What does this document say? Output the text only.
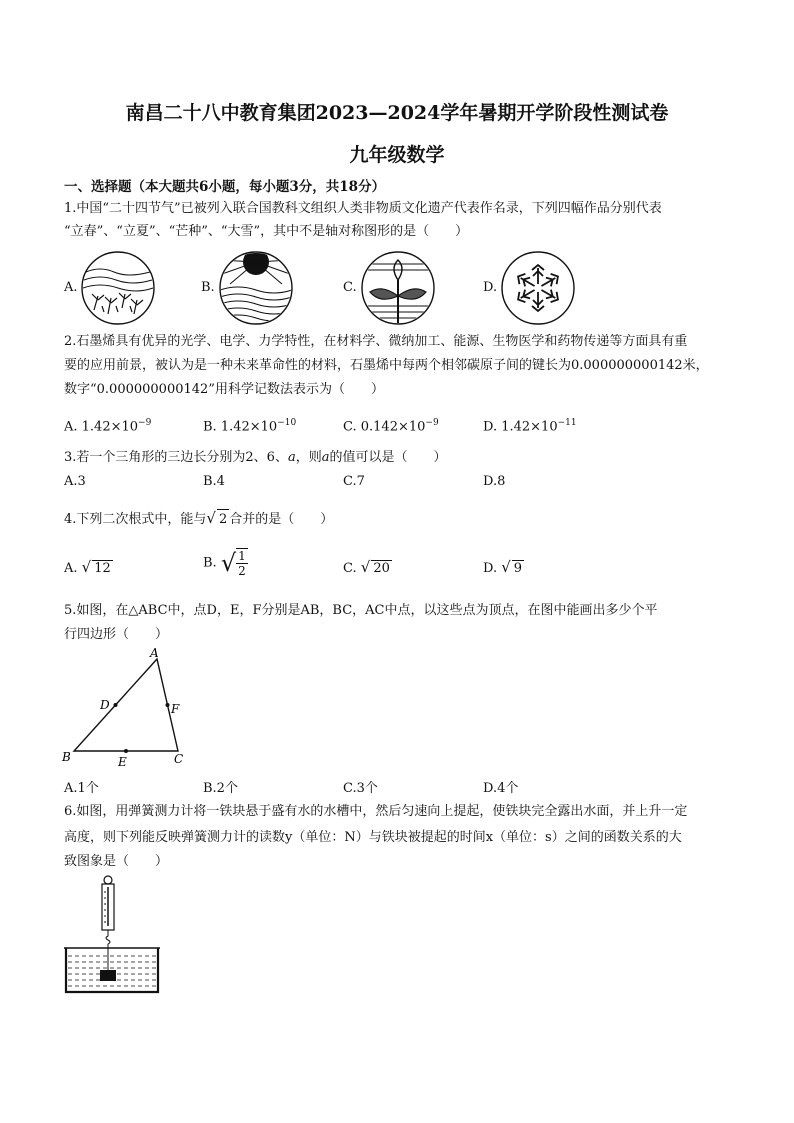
南昌二十八中教育集团2023—2024学年暑期开学阶段性测试卷
九年级数学
一、选择题（本大题共6小题，每小题3分，共18分）
1.中国“二十四节气”已被列入联合国教科文组织人类非物质文化遗产代表作名录，下列四幅作品分别代表
“立春”、“立夏”、“芒种”、“大雪”，其中不是轴对称图形的是（　　）
A.	B.	C.	D.
2.石墨烯具有优异的光学、电学、力学特性，在材料学、微纳加工、能源、生物医学和药物传递等方面具有重
要的应用前景，被认为是一种未来革命性的材料，石墨烯中每两个相邻碳原子间的键长为0.000000000142米，
数字“0.000000000142”用科学记数法表示为（　　）
A. $1.42\times 10^{-9}$	B. $1.42\times 10^{-10}$	C. $0.142\times 10^{-9}$	D. $1.42\times 10^{-11}$
3.若一个三角形的三边长分别为2、6、a，则a的值可以是（　　）
A.3	B.4	C.7	D.8
4.下列二次根式中，能与√ 2 合并的是（　　）
A. √ 12	B. √ $\frac{1}{2}$	C. √ 20	D. √ 9
5.如图，在△ABC中，点D，E，F分别是AB，BC，AC中点，以这些点为顶点，在图中能画出多少个平
行四边形（　　）
A
B	C
D
E
F
A.1个	B.2个	C.3个	D.4个
6.如图，用弹簧测力计将一铁块悬于盛有水的水槽中，然后匀速向上提起，使铁块完全露出水面，并上升一定
高度，则下列能反映弹簧测力计的读数y（单位：N）与铁块被提起的时间x（单位：s）之间的函数关系的大
致图象是（　　）
